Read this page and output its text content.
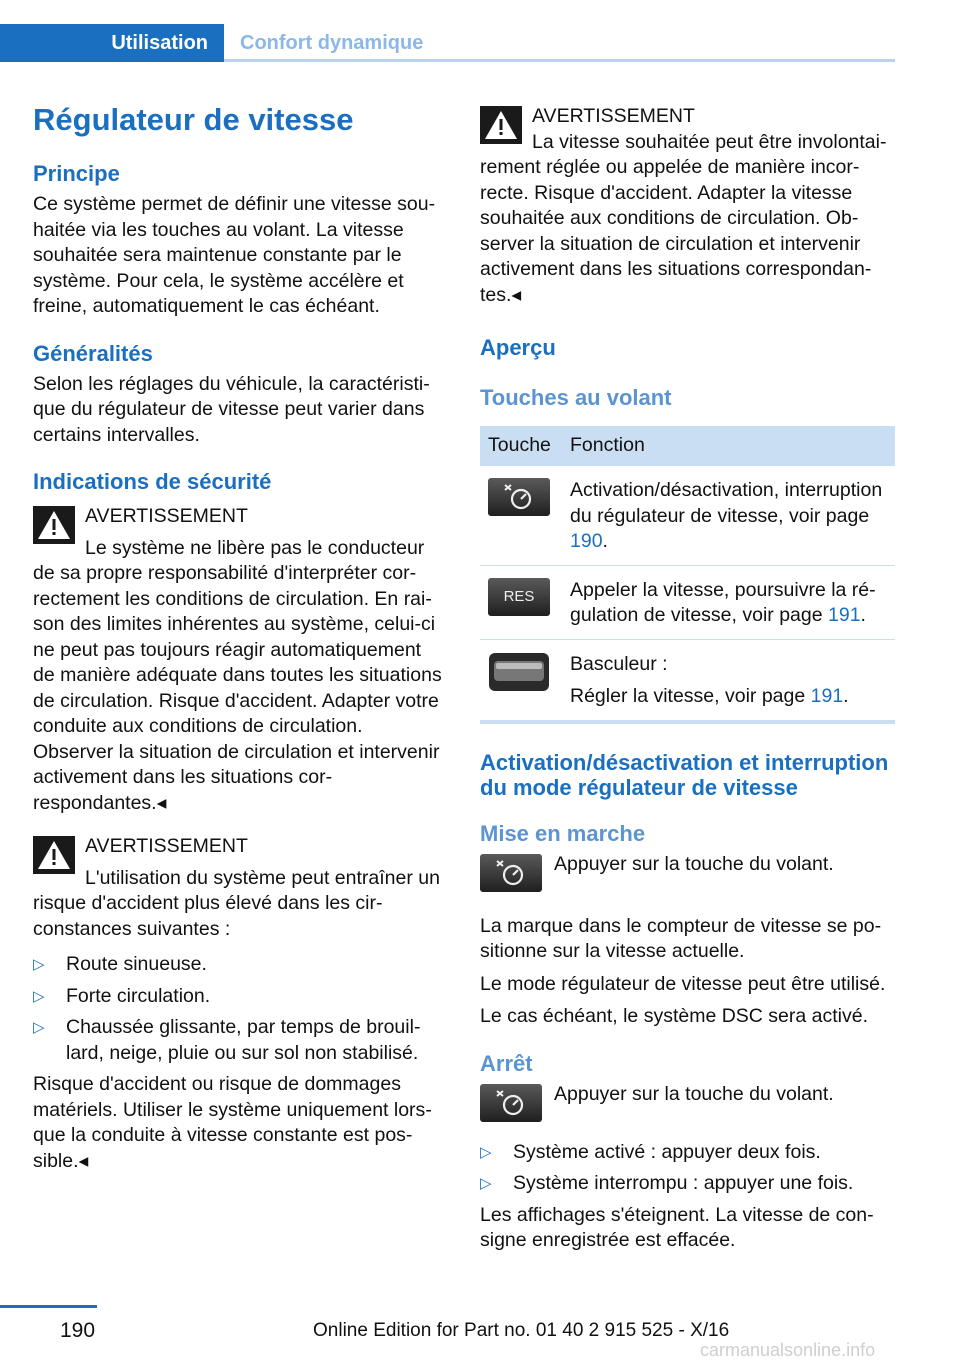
Utilisation	Confort dynamique
Régulateur de vitesse
Principe

Ce système permet de définir une vitesse souhaitée via les touches au volant. La vitesse souhaitée sera maintenue constante par le système. Pour cela, le système accélère et freine, automatiquement le cas échéant.

Généralités

Selon les réglages du véhicule, la caractéristique du régulateur de vitesse peut varier dans certains intervalles.

Indications de sécurité
AVERTISSEMENT
Le système ne libère pas le conducteur de sa propre responsabilité d'interpréter correctement les conditions de circulation. En raison des limites inhérentes au système, celui-ci ne peut pas toujours réagir automatiquement de manière adéquate dans toutes les situations de circulation. Risque d'accident. Adapter votre conduite aux conditions de circulation. Observer la situation de circulation et intervenir activement dans les situations correspondantes.◂
AVERTISSEMENT
L'utilisation du système peut entraîner un risque d'accident plus élevé dans les circonstances suivantes :
▷ Route sinueuse.
▷ Forte circulation.
▷ Chaussée glissante, par temps de brouillard, neige, pluie ou sur sol non stabilisé.

Risque d'accident ou risque de dommages matériels. Utiliser le système uniquement lorsque la conduite à vitesse constante est possible.◂

AVERTISSEMENT
La vitesse souhaitée peut être involontairement réglée ou appelée de manière incorrecte. Risque d'accident. Adapter la vitesse souhaitée aux conditions de circulation. Observer la situation de circulation et intervenir activement dans les situations correspondantes.◂
Aperçu
Touches au volant
Touche	Fonction

	Activation/désactivation, interruption du régulateur de vitesse, voir page 190.

RES	Appeler la vitesse, poursuivre la régulation de vitesse, voir page 191.

Basculeur :

Régler la vitesse, voir page 191.
Activation/désactivation et interruption du mode régulateur de vitesse
Mise en marche

Appuyer sur la touche du volant.

La marque dans le compteur de vitesse se positionne sur la vitesse actuelle.

Le mode régulateur de vitesse peut être utilisé.

Le cas échéant, le système DSC sera activé.

Arrêt

Appuyer sur la touche du volant.

▷ Système activé : appuyer deux fois.
▷ Système interrompu : appuyer une fois.

Les affichages s'éteignent. La vitesse de consigne enregistrée est effacée.

190	Online Edition for Part no. 01 40 2 915 525 - X/16
carmanualsonline.info
